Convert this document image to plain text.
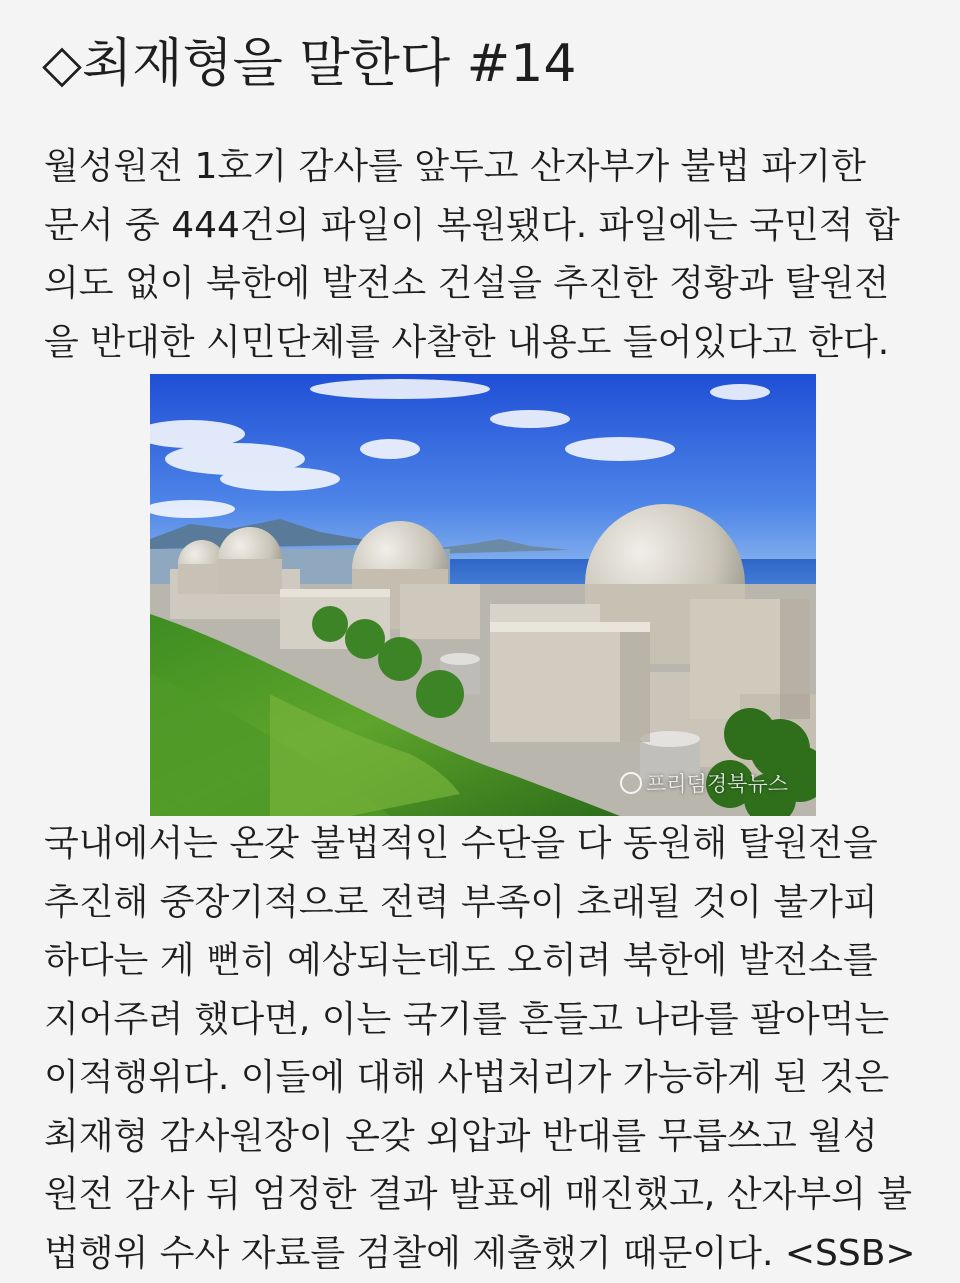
◇최재형을 말한다 #14

월성원전 1호기 감사를 앞두고 산자부가 불법 파기한
문서 중 444건의 파일이 복원됐다. 파일에는 국민적 합
의도 없이 북한에 발전소 건설을 추진한 정황과 탈원전
을 반대한 시민단체를 사찰한 내용도 들어있다고 한다.

프리덤경북뉴스

국내에서는 온갖 불법적인 수단을 다 동원해 탈원전을
추진해 중장기적으로 전력 부족이 초래될 것이 불가피
하다는 게 뻔히 예상되는데도 오히려 북한에 발전소를
지어주려 했다면, 이는 국기를 흔들고 나라를 팔아먹는
이적행위다. 이들에 대해 사법처리가 가능하게 된 것은
최재형 감사원장이 온갖 외압과 반대를 무릅쓰고 월성
원전 감사 뒤 엄정한 결과 발표에 매진했고, 산자부의 불
법행위 수사 자료를 검찰에 제출했기 때문이다. <SSB>
